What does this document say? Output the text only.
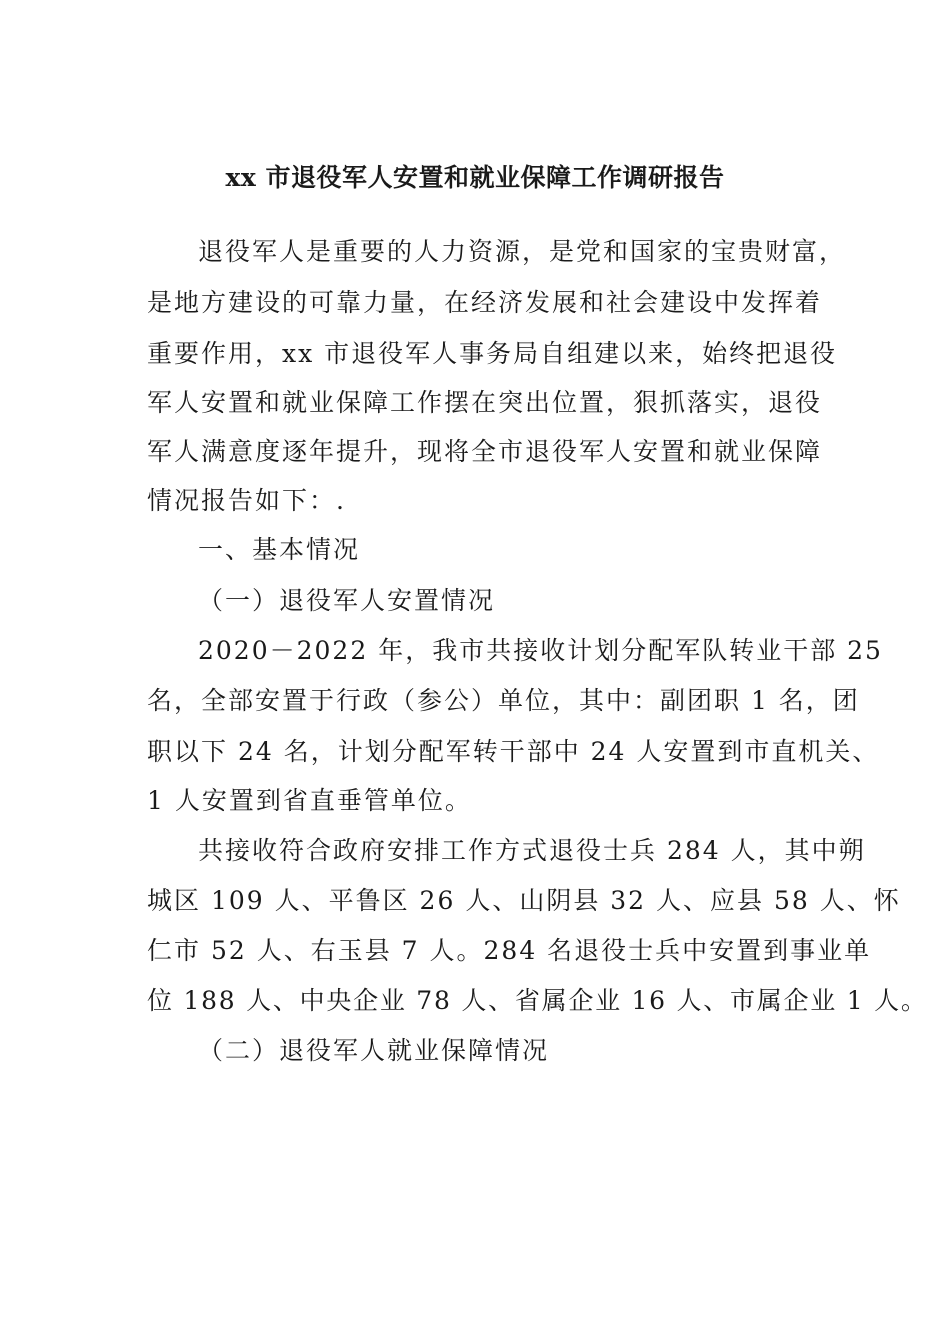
xx 市退役军人安置和就业保障工作调研报告
退役军人是重要的人力资源，是党和国家的宝贵财富，
是地方建设的可靠力量，在经济发展和社会建设中发挥着
重要作用，xx 市退役军人事务局自组建以来，始终把退役
军人安置和就业保障工作摆在突出位置，狠抓落实，退役
军人满意度逐年提升，现将全市退役军人安置和就业保障
情况报告如下：.
一、基本情况
（一）退役军人安置情况
2020－2022 年，我市共接收计划分配军队转业干部 25
名，全部安置于行政（参公）单位，其中：副团职 1 名，团
职以下 24 名，计划分配军转干部中 24 人安置到市直机关、
1 人安置到省直垂管单位。
共接收符合政府安排工作方式退役士兵 284 人，其中朔
城区 109 人、平鲁区 26 人、山阴县 32 人、应县 58 人、怀
仁市 52 人、右玉县 7 人。284 名退役士兵中安置到事业单
位 188 人、中央企业 78 人、省属企业 16 人、市属企业 1 人。
（二）退役军人就业保障情况
